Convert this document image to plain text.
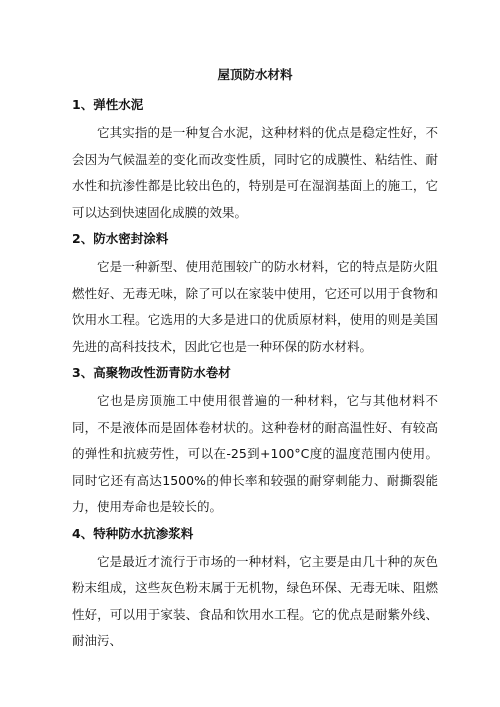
屋顶防水材料
1、弹性水泥

它其实指的是一种复合水泥，这种材料的优点是稳定性好，不会因为气候温差的变化而改变性质，同时它的成膜性、粘结性、耐水性和抗渗性都是比较出色的，特别是可在湿润基面上的施工，它可以达到快速固化成膜的效果。

2、防水密封涂料

它是一种新型、使用范围较广的防水材料，它的特点是防火阻燃性好、无毒无味，除了可以在家装中使用，它还可以用于食物和饮用水工程。它选用的大多是进口的优质原材料，使用的则是美国先进的高科技技术，因此它也是一种环保的防水材料。

3、高聚物改性沥青防水卷材

它也是房顶施工中使用很普遍的一种材料，它与其他材料不同，不是液体而是固体卷材状的。这种卷材的耐高温性好、有较高的弹性和抗疲劳性，可以在-25到+100°C度的温度范围内使用。同时它还有高达1500%的伸长率和较强的耐穿刺能力、耐撕裂能力，使用寿命也是较长的。

4、特种防水抗渗浆料

它是最近才流行于市场的一种材料，它主要是由几十种的灰色粉末组成，这些灰色粉末属于无机物，绿色环保、无毒无味、阻燃性好，可以用于家装、食品和饮用水工程。它的优点是耐紫外线、耐油污、
